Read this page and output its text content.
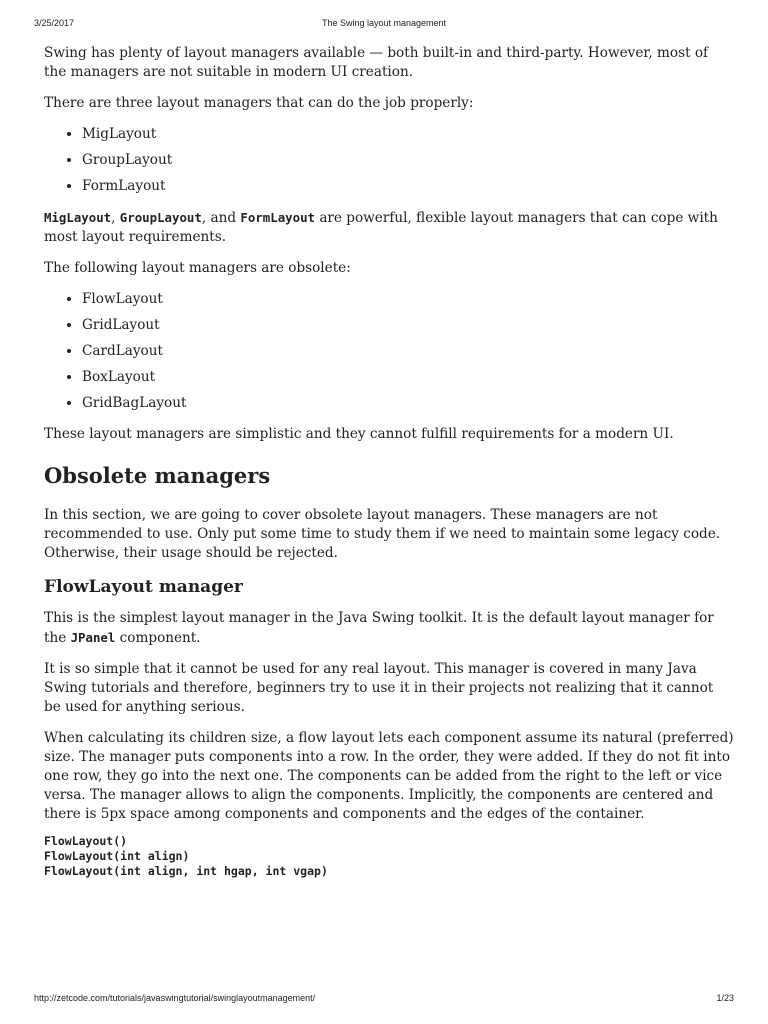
3/25/2017	The Swing layout management

Swing has plenty of layout managers available — both built-in and third-party. However, most of the managers are not suitable in modern UI creation.

There are three layout managers that can do the job properly:

• MigLayout
• GroupLayout
• FormLayout

MigLayout, GroupLayout, and FormLayout are powerful, flexible layout managers that can cope with most layout requirements.

The following layout managers are obsolete:

• FlowLayout
• GridLayout
• CardLayout
• BoxLayout
• GridBagLayout

These layout managers are simplistic and they cannot fulfill requirements for a modern UI.

Obsolete managers

In this section, we are going to cover obsolete layout managers. These managers are not recommended to use. Only put some time to study them if we need to maintain some legacy code. Otherwise, their usage should be rejected.

FlowLayout manager

This is the simplest layout manager in the Java Swing toolkit. It is the default layout manager for the JPanel component.

It is so simple that it cannot be used for any real layout. This manager is covered in many Java Swing tutorials and therefore, beginners try to use it in their projects not realizing that it cannot be used for anything serious.

When calculating its children size, a flow layout lets each component assume its natural (preferred) size. The manager puts components into a row. In the order, they were added. If they do not fit into one row, they go into the next one. The components can be added from the right to the left or vice versa. The manager allows to align the components. Implicitly, the components are centered and there is 5px space among components and components and the edges of the container.

FlowLayout()
FlowLayout(int align)
FlowLayout(int align, int hgap, int vgap)
http://zetcode.com/tutorials/javaswingtutorial/swinglayoutmanagement/	1/23
